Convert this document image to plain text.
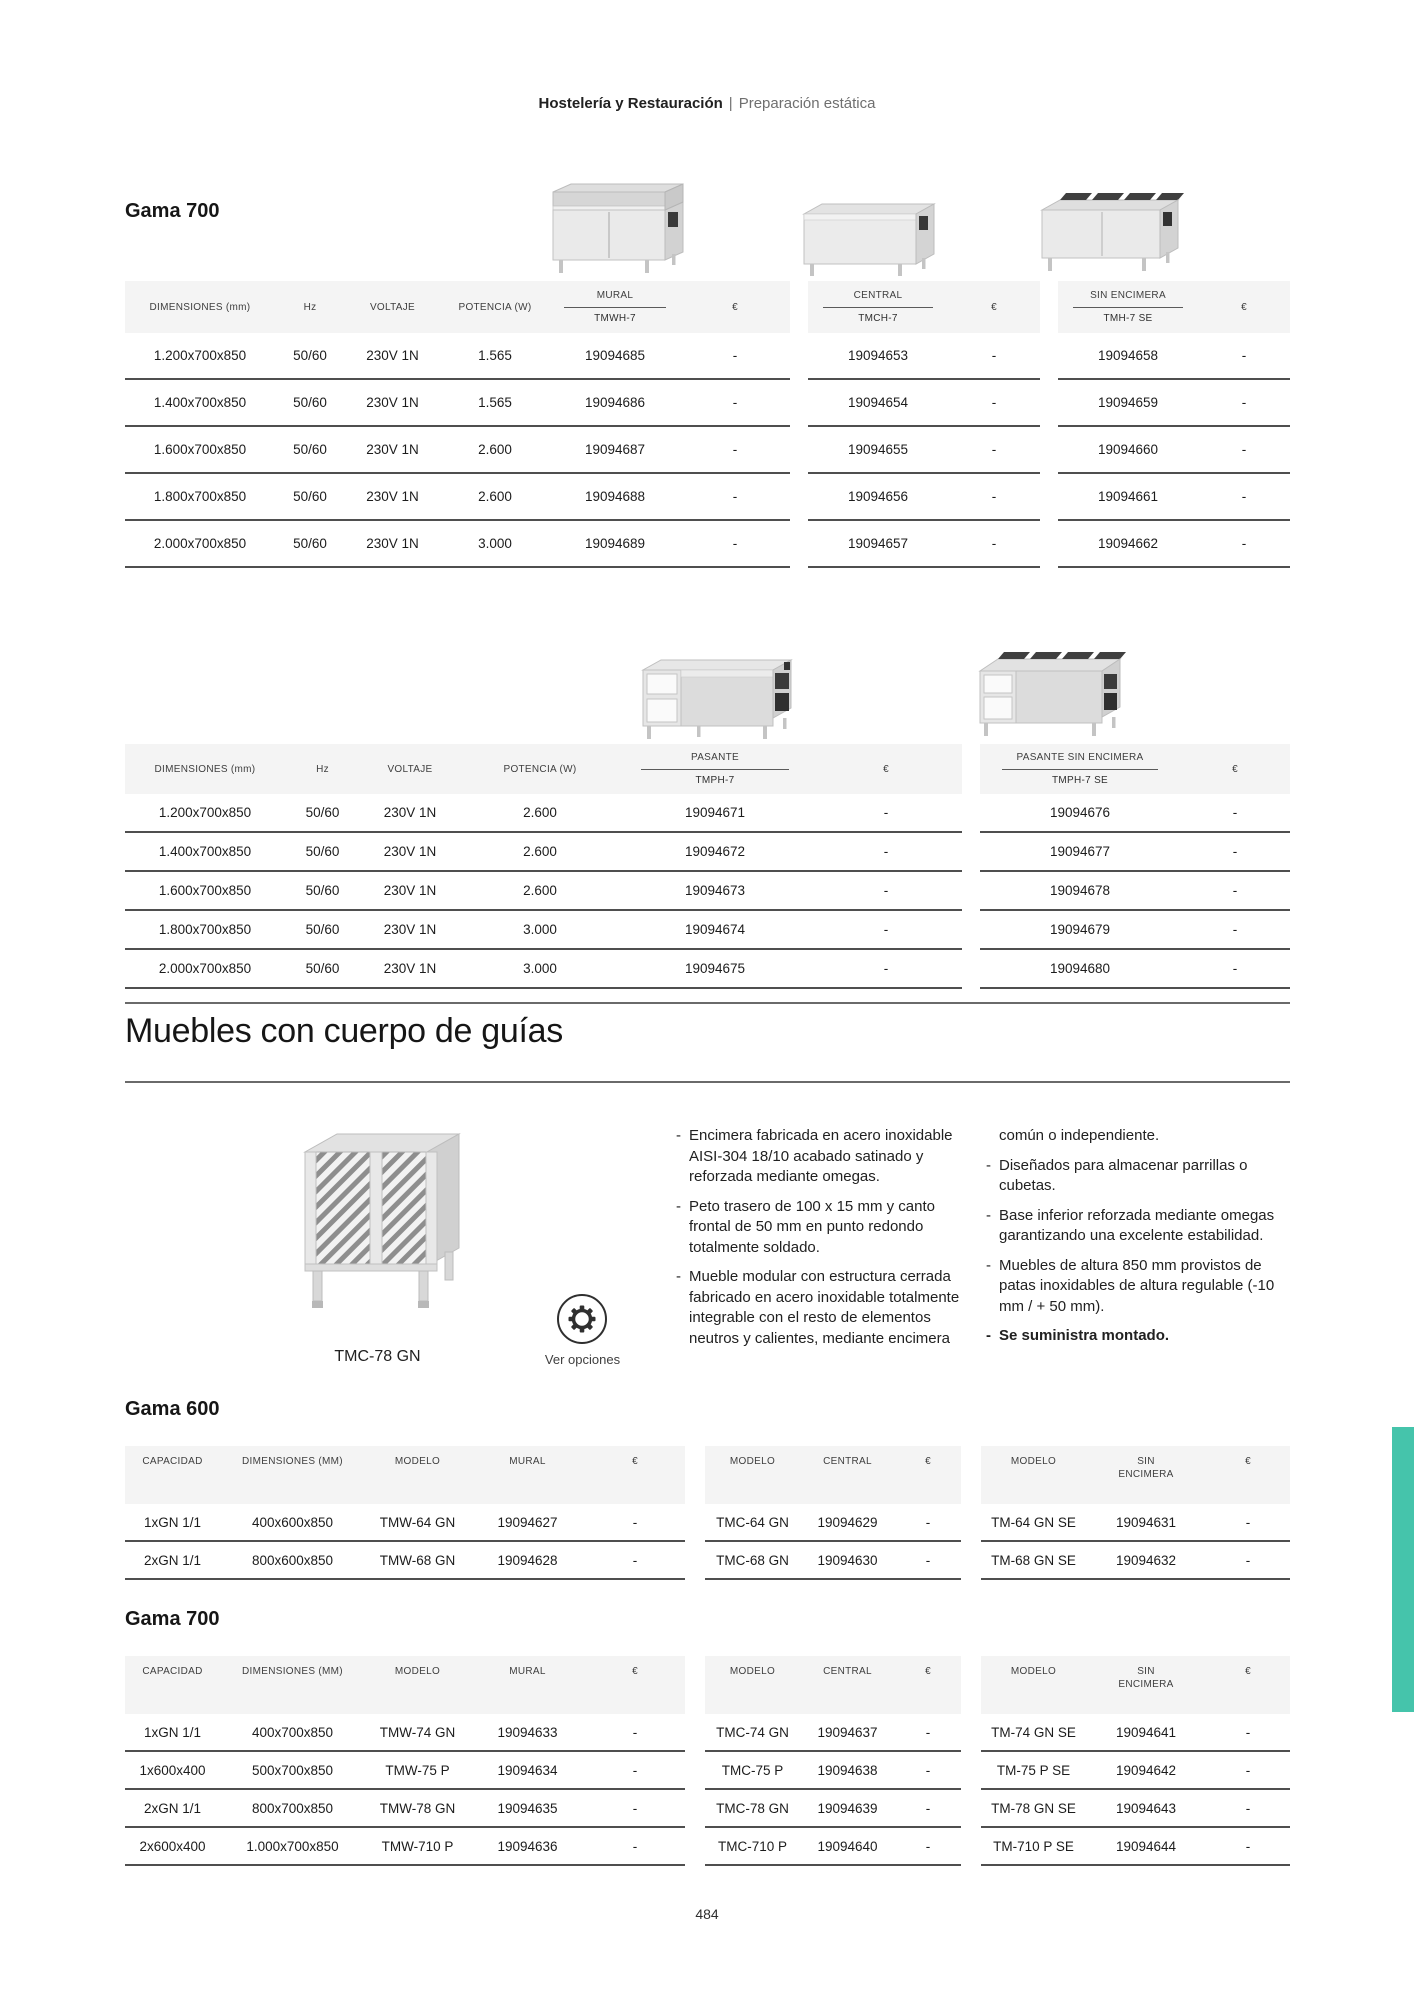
Hostelería y Restauración | Preparación estática
Gama 700
DIMENSIONES (mm)	Hz	VOLTAJE	POTENCIA (W)
MURAL
TMWH-7
€
1.200x700x850	50/60	230V 1N	1.565	19094685	-
1.400x700x850	50/60	230V 1N	1.565	19094686	-
1.600x700x850	50/60	230V 1N	2.600	19094687	-
1.800x700x850	50/60	230V 1N	2.600	19094688	-
2.000x700x850	50/60	230V 1N	3.000	19094689	-
CENTRAL
TMCH-7
€
19094653	-
19094654	-
19094655	-
19094656	-
19094657	-
SIN ENCIMERA
TMH-7 SE
€
19094658	-
19094659	-
19094660	-
19094661	-
19094662	-
DIMENSIONES (mm)	Hz	VOLTAJE	POTENCIA (W)
PASANTE
TMPH-7
€
1.200x700x850	50/60	230V 1N	2.600	19094671	-
1.400x700x850	50/60	230V 1N	2.600	19094672	-
1.600x700x850	50/60	230V 1N	2.600	19094673	-
1.800x700x850	50/60	230V 1N	3.000	19094674	-
2.000x700x850	50/60	230V 1N	3.000	19094675	-
PASANTE SIN ENCIMERA
TMPH-7 SE
€
19094676	-
19094677	-
19094678	-
19094679	-
19094680	-
Muebles con cuerpo de guías
TMC-78 GN	Ver opciones
- Encimera fabricada en acero inoxidable AISI-304 18/10 acabado satinado y reforzada mediante omegas.
- Peto trasero de 100 x 15 mm y canto frontal de 50 mm en punto redondo totalmente soldado.
- Mueble modular con estructura cerrada fabricado en acero inoxidable totalmente integrable con el resto de elementos neutros y calientes, mediante encimera
común o independiente.
- Diseñados para almacenar parrillas o cubetas.
- Base inferior reforzada mediante omegas garantizando una excelente estabilidad.
- Muebles de altura 850 mm provistos de patas inoxidables de altura regulable (-10 mm / + 50 mm).
- Se suministra montado.
Gama 600
CAPACIDAD	DIMENSIONES (MM)	MODELO	MURAL	€
1xGN 1/1	400x600x850	TMW-64 GN	19094627	-
2xGN 1/1	800x600x850	TMW-68 GN	19094628	-
MODELO	CENTRAL	€
TMC-64 GN	19094629	-
TMC-68 GN	19094630	-
MODELO	SIN ENCIMERA
€
TM-64 GN SE	19094631	-
TM-68 GN SE	19094632	-
Gama 700
CAPACIDAD	DIMENSIONES (MM)	MODELO	MURAL	€
1xGN 1/1	400x700x850	TMW-74 GN	19094633	-
1x600x400	500x700x850	TMW-75 P	19094634	-
2xGN 1/1	800x700x850	TMW-78 GN	19094635	-
2x600x400	1.000x700x850	TMW-710 P	19094636	-
MODELO	CENTRAL	€
TMC-74 GN	19094637	-
TMC-75 P	19094638	-
TMC-78 GN	19094639	-
TMC-710 P	19094640	-
MODELO	SIN ENCIMERA
€
TM-74 GN SE	19094641	-
TM-75 P SE	19094642	-
TM-78 GN SE	19094643	-
TM-710 P SE	19094644	-
484
